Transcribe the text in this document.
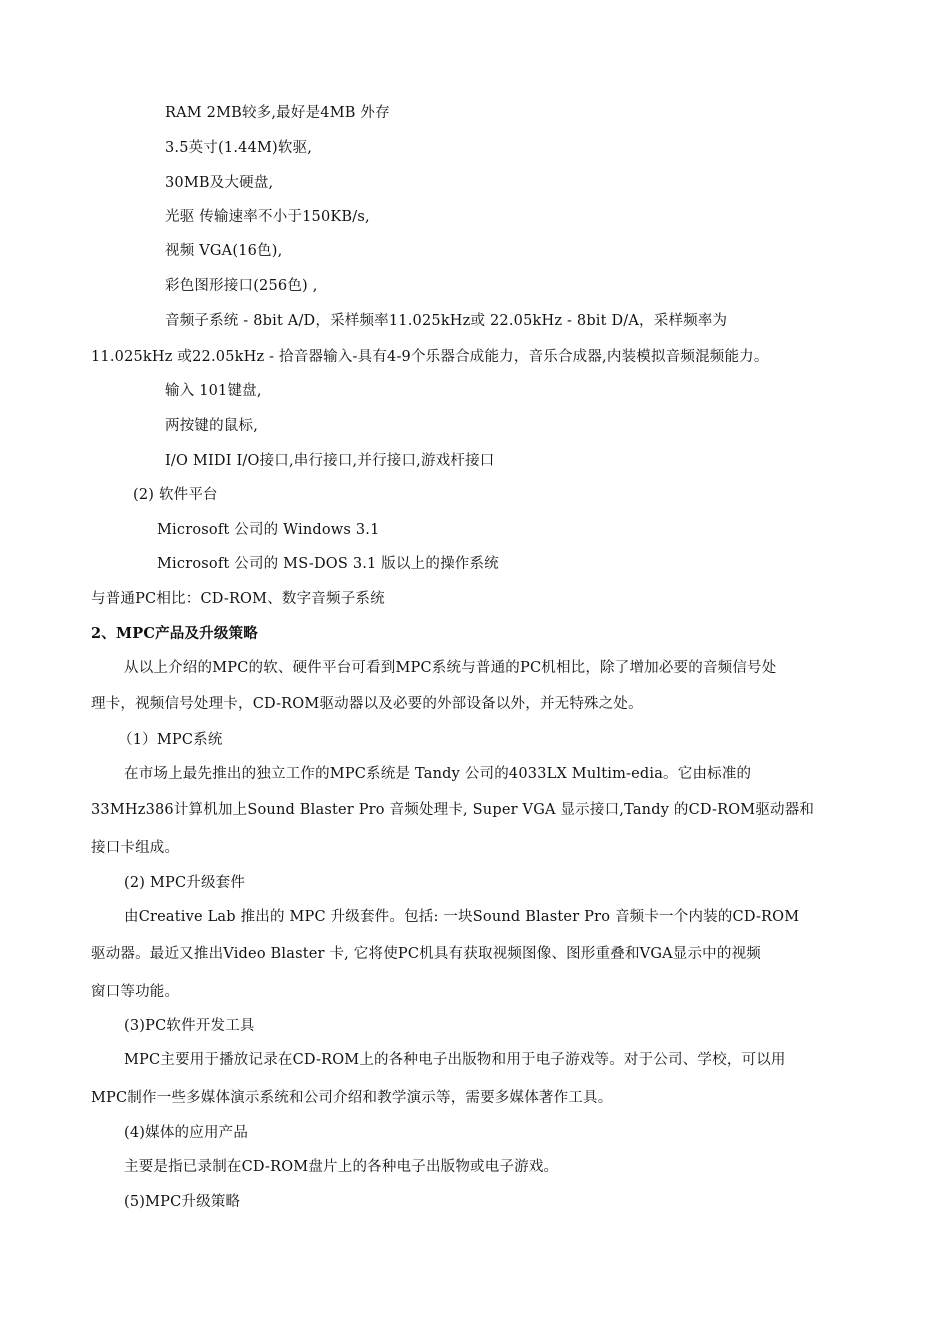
RAM 2MB较多,最好是4MB 外存
3.5英寸(1.44M)软驱,
30MB及大硬盘,
光驱 传输速率不小于150KB/s,
视频 VGA(16色),
彩色图形接口(256色) ,
音频子系统 - 8bit A/D，采样频率11.025kHz或 22.05kHz - 8bit D/A，采样频率为
11.025kHz 或22.05kHz - 拾音器输入-具有4-9个乐器合成能力，音乐合成器,内装模拟音频混频能力。
输入 101键盘,
两按键的鼠标,
I/O MIDI I/O接口,串行接口,并行接口,游戏杆接口
(2) 软件平台
Microsoft 公司的 Windows 3.1
Microsoft 公司的 MS-DOS 3.1 版以上的操作系统
与普通PC相比：CD-ROM、数字音频子系统
2、MPC产品及升级策略
从以上介绍的MPC的软、硬件平台可看到MPC系统与普通的PC机相比，除了增加必要的音频信号处
理卡，视频信号处理卡，CD-ROM驱动器以及必要的外部设备以外，并无特殊之处。
（1）MPC系统
在市场上最先推出的独立工作的MPC系统是 Tandy 公司的4033LX Multim-edia。它由标准的
33MHz386计算机加上Sound Blaster Pro 音频处理卡, Super VGA 显示接口,Tandy 的CD-ROM驱动器和
接口卡组成。
(2) MPC升级套件
由Creative Lab 推出的 MPC 升级套件。包括: 一块Sound Blaster Pro 音频卡一个内装的CD-ROM
驱动器。最近又推出Video Blaster 卡, 它将使PC机具有获取视频图像、图形重叠和VGA显示中的视频
窗口等功能。
(3)PC软件开发工具
MPC主要用于播放记录在CD-ROM上的各种电子出版物和用于电子游戏等。对于公司、学校，可以用
MPC制作一些多媒体演示系统和公司介绍和教学演示等，需要多媒体著作工具。
(4)媒体的应用产品
主要是指已录制在CD-ROM盘片上的各种电子出版物或电子游戏。
(5)MPC升级策略
